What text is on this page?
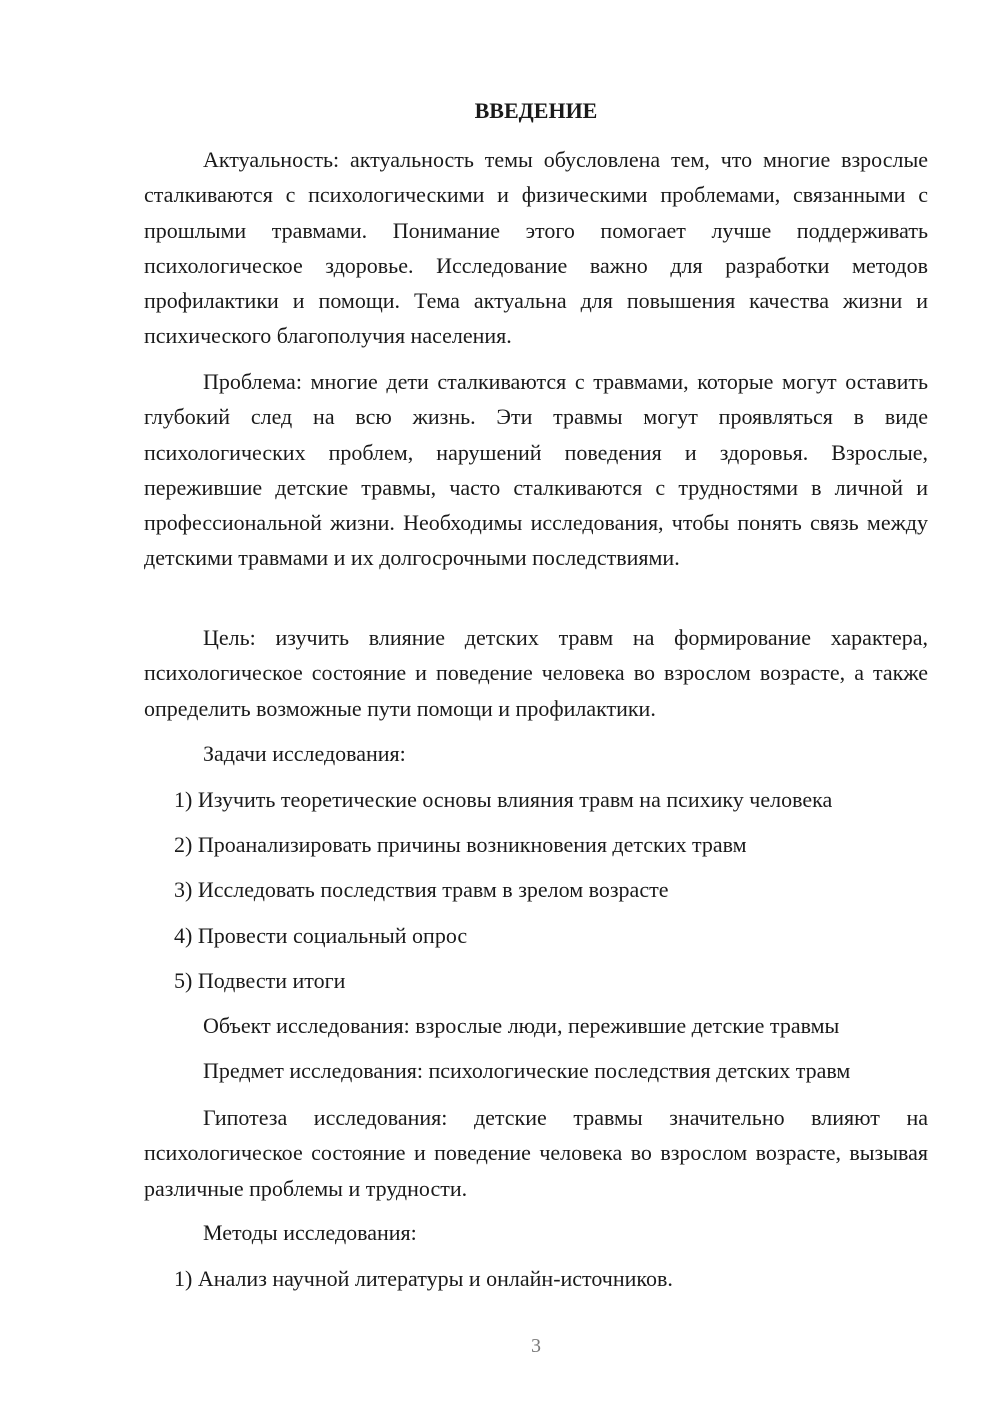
ВВЕДЕНИЕ

Актуальность: актуальность темы обусловлена тем, что многие взрослые сталкиваются с психологическими и физическими проблемами, связанными с прошлыми травмами. Понимание этого помогает лучше поддерживать психологическое здоровье. Исследование важно для разработки методов профилактики и помощи. Тема актуальна для повышения качества жизни и психического благополучия населения.

Проблема: многие дети сталкиваются с травмами, которые могут оставить глубокий след на всю жизнь. Эти травмы могут проявляться в виде психологических проблем, нарушений поведения и здоровья. Взрослые, пережившие детские травмы, часто сталкиваются с трудностями в личной и профессиональной жизни. Необходимы исследования, чтобы понять связь между детскими травмами и их долгосрочными последствиями.

Цель: изучить влияние детских травм на формирование характера, психологическое состояние и поведение человека во взрослом возрасте, а также определить возможные пути помощи и профилактики.

Задачи исследования:

1) Изучить теоретические основы влияния травм на психику человека

2) Проанализировать причины возникновения детских травм

3) Исследовать последствия травм в зрелом возрасте

4) Провести социальный опрос

5) Подвести итоги

Объект исследования: взрослые люди, пережившие детские травмы

Предмет исследования: психологические последствия детских травм

Гипотеза исследования: детские травмы значительно влияют на психологическое состояние и поведение человека во взрослом возрасте, вызывая различные проблемы и трудности.

Методы исследования:

1) Анализ научной литературы и онлайн-источников.

3
